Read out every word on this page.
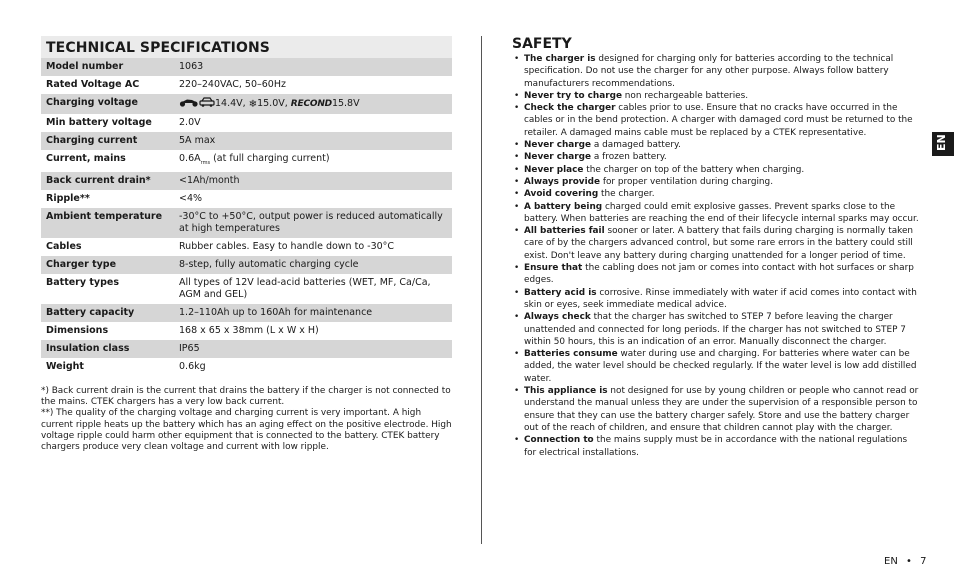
TECHNICAL SPECIFICATIONS
Model number	1063
Rated Voltage AC	220–240VAC, 50–60Hz
Charging voltage	14.4V, ❄15.0V, RECOND15.8V
Min battery voltage	2.0V
Charging current	5A max
Current, mains	$0.6A_{rms}$ (at full charging current)
Back current drain*	<1Ah/month
Ripple**	<4%
Ambient temperature	-30°C to +50°C, output power is reduced automatically at high temperatures
Cables	Rubber cables. Easy to handle down to -30°C
Charger type	8-step, fully automatic charging cycle
Battery types	All types of 12V lead-acid batteries (WET, MF, Ca/Ca, AGM and GEL)
Battery capacity	1.2–110Ah up to 160Ah for maintenance
Dimensions	168 x 65 x 38mm (L x W x H)
Insulation class	IP65
Weight	0.6kg

*) Back current drain is the current that drains the battery if the charger is not connected to the mains. CTEK chargers has a very low back current.

**) The quality of the charging voltage and charging current is very important. A high current ripple heats up the battery which has an aging effect on the positive electrode. High voltage ripple could harm other equipment that is connected to the battery. CTEK battery chargers produce very clean voltage and current with low ripple.

SAFETY
• The charger is designed for charging only for batteries according to the technical specification. Do not use the charger for any other purpose. Always follow battery manufacturers recommendations.
• Never try to charge non rechargeable batteries.
• Check the charger cables prior to use. Ensure that no cracks have occurred in the cables or in the bend protection. A charger with damaged cord must be returned to the retailer. A damaged mains cable must be replaced by a CTEK representative.
• Never charge a damaged battery.
• Never charge a frozen battery.
• Never place the charger on top of the battery when charging.
• Always provide for proper ventilation during charging.
• Avoid covering the charger.
• A battery being charged could emit explosive gasses. Prevent sparks close to the battery. When batteries are reaching the end of their lifecycle internal sparks may occur.
• All batteries fail sooner or later. A battery that fails during charging is normally taken care of by the chargers advanced control, but some rare errors in the battery could still exist. Don't leave any battery during charging unattended for a longer period of time.
• Ensure that the cabling does not jam or comes into contact with hot surfaces or sharp edges.
• Battery acid is corrosive. Rinse immediately with water if acid comes into contact with skin or eyes, seek immediate medical advice.
• Always check that the charger has switched to STEP 7 before leaving the charger unattended and connected for long periods. If the charger has not switched to STEP 7 within 50 hours, this is an indication of an error. Manually disconnect the charger.
• Batteries consume water during use and charging. For batteries where water can be added, the water level should be checked regularly. If the water level is low add distilled water.
• This appliance is not designed for use by young children or people who cannot read or understand the manual unless they are under the supervision of a responsible person to ensure that they can use the battery charger safely. Store and use the battery charger out of the reach of children, and ensure that children cannot play with the charger.
• Connection to the mains supply must be in accordance with the national regulations for electrical installations.
EN
EN • 7
